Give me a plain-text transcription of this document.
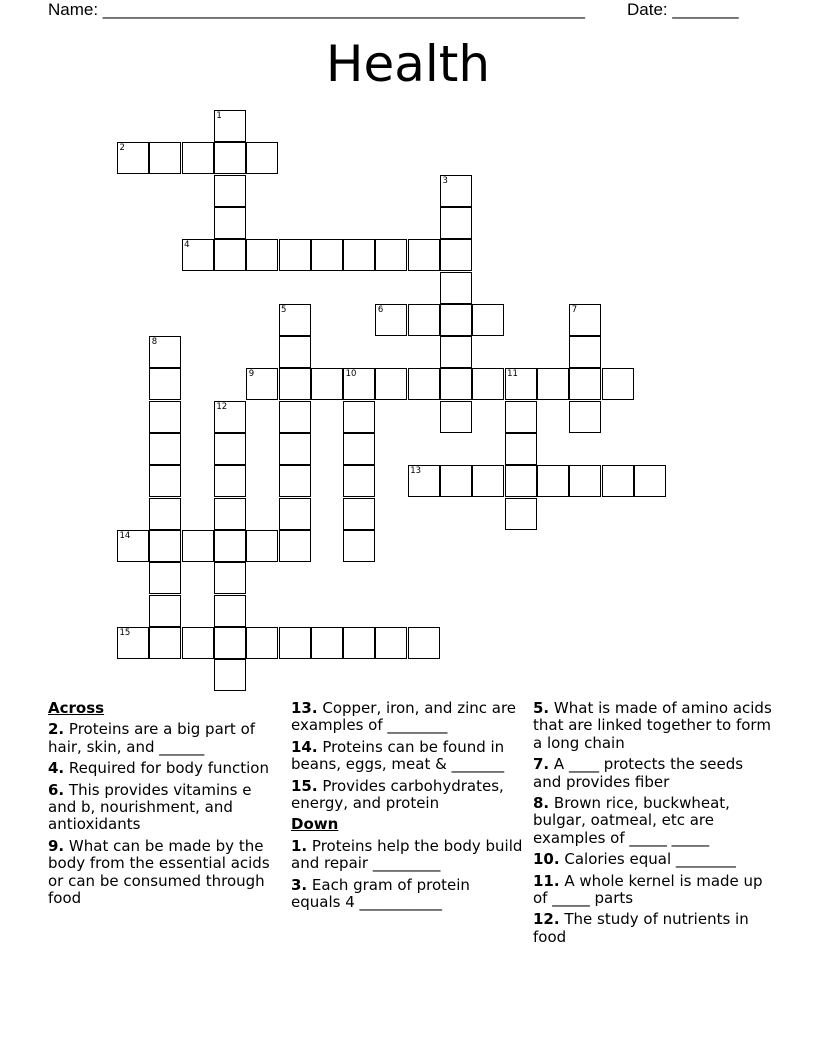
Name: ___________________________________________________ Date: _______
Health
1
2
3
4
5	6	7
8
9	10	11
12
13
14
15
Across
2. Proteins are a big part of hair, skin, and ______
4. Required for body function
6. This provides vitamins e and b, nourishment, and antioxidants
9. What can be made by the body from the essential acids or can be consumed through food
13. Copper, iron, and zinc are examples of ________
14. Proteins can be found in beans, eggs, meat & _______
15. Provides carbohydrates, energy, and protein
Down
1. Proteins help the body build and repair _________
3. Each gram of protein equals 4 ___________
5. What is made of amino acids that are linked together to form a long chain
7. A ____ protects the seeds and provides fiber
8. Brown rice, buckwheat, bulgar, oatmeal, etc are examples of _____ _____
10. Calories equal ________
11. A whole kernel is made up of _____ parts
12. The study of nutrients in food
